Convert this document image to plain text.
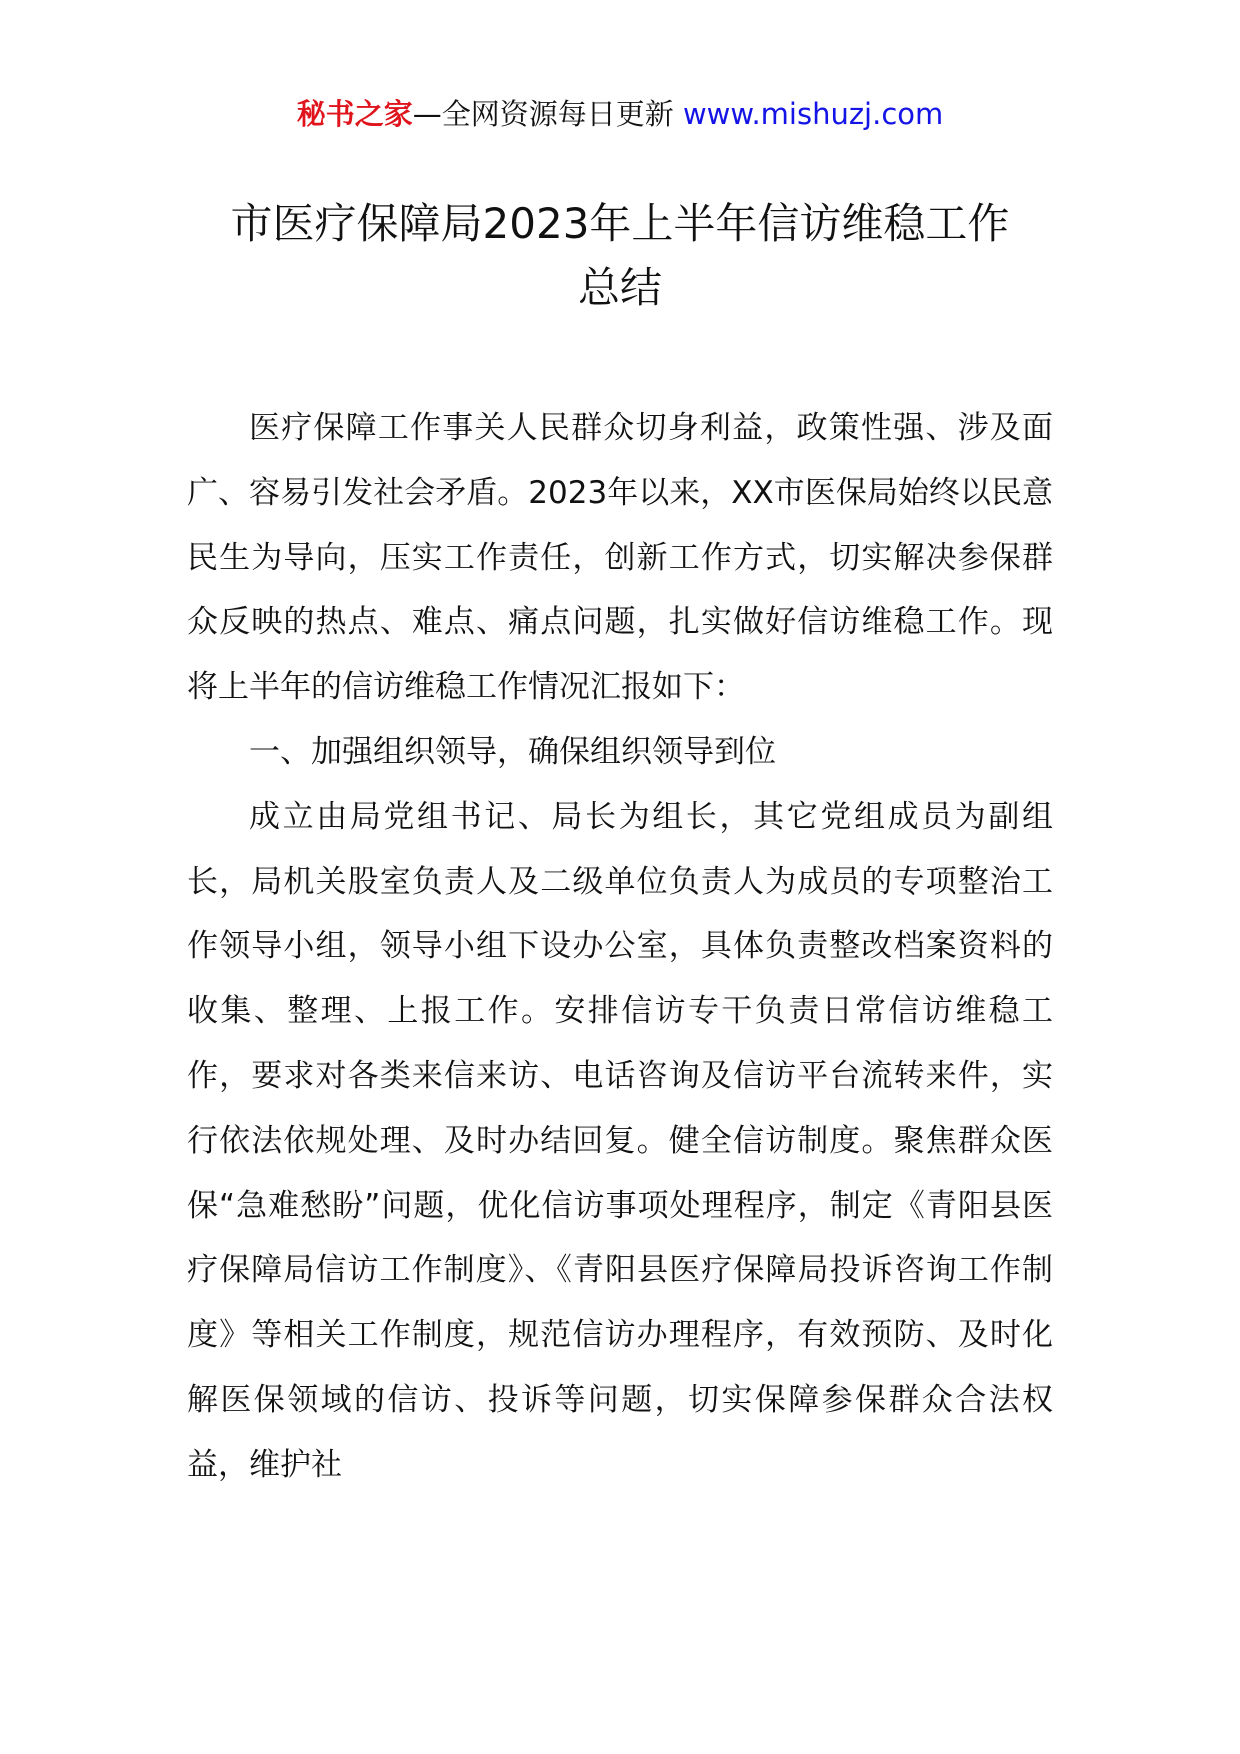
秘书之家—全网资源每日更新 www.mishuzj.com
市医疗保障局2023年上半年信访维稳工作
总结

医疗保障工作事关人民群众切身利益，政策性强、涉及面广、容易引发社会矛盾。2023年以来，XX市医保局始终以民意民生为导向，压实工作责任，创新工作方式，切实解决参保群众反映的热点、难点、痛点问题，扎实做好信访维稳工作。现将上半年的信访维稳工作情况汇报如下：

一、加强组织领导，确保组织领导到位

成立由局党组书记、局长为组长，其它党组成员为副组长，局机关股室负责人及二级单位负责人为成员的专项整治工作领导小组，领导小组下设办公室，具体负责整改档案资料的收集、整理、上报工作。安排信访专干负责日常信访维稳工作，要求对各类来信来访、电话咨询及信访平台流转来件，实行依法依规处理、及时办结回复。健全信访制度。聚焦群众医保“急难愁盼”问题，优化信访事项处理程序，制定《青阳县医疗保障局信访工作制度》、《青阳县医疗保障局投诉咨询工作制度》等相关工作制度，规范信访办理程序，有效预防、及时化解医保领域的信访、投诉等问题，切实保障参保群众合法权益，维护社
